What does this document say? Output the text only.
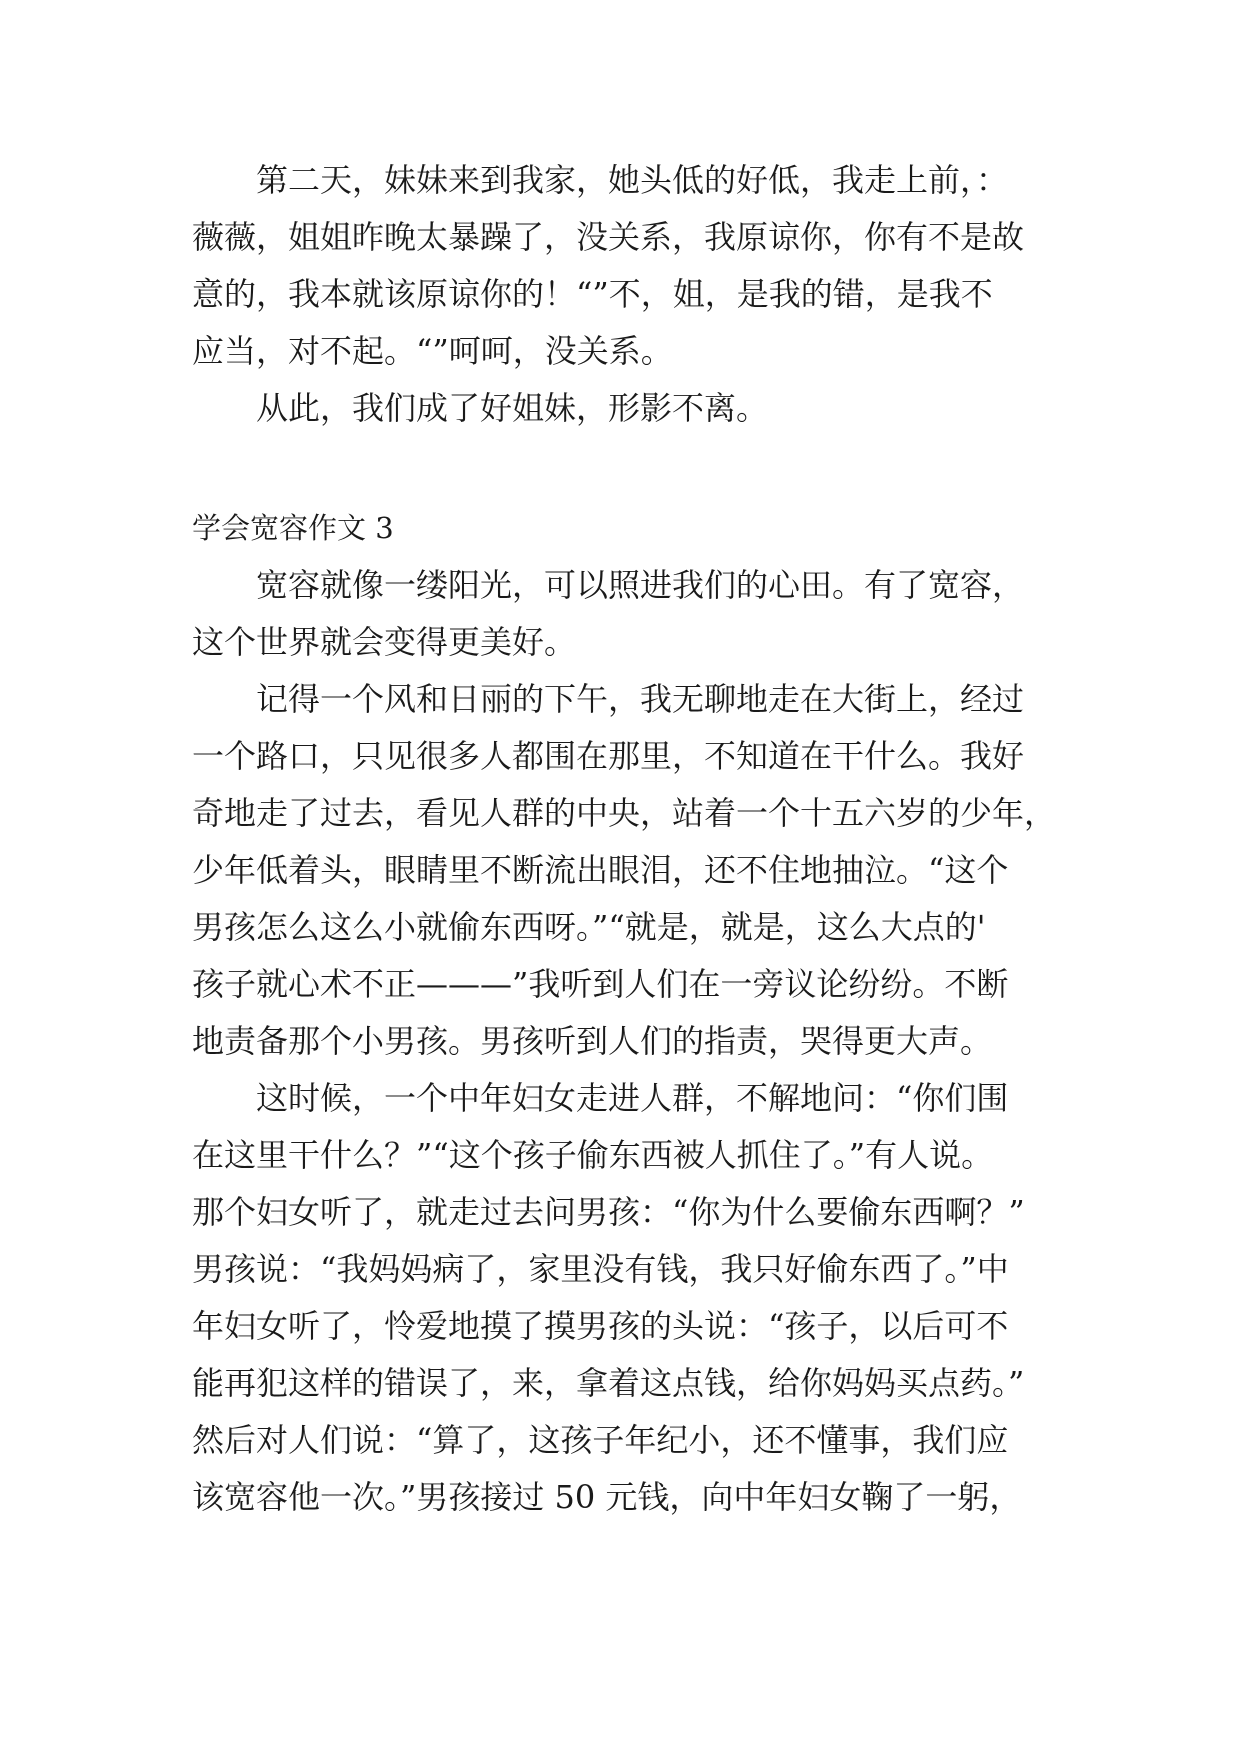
　　第二天，妹妹来到我家，她头低的好低，我走上前，：
薇薇，姐姐昨晚太暴躁了，没关系，我原谅你，你有不是故
意的，我本就该原谅你的！“”不，姐，是我的错，是我不
应当，对不起。“”呵呵，没关系。
　　从此，我们成了好姐妹，形影不离。
学会宽容作文 3
　　宽容就像一缕阳光，可以照进我们的心田。有了宽容，
这个世界就会变得更美好。
　　记得一个风和日丽的下午，我无聊地走在大街上，经过
一个路口，只见很多人都围在那里，不知道在干什么。我好
奇地走了过去，看见人群的中央，站着一个十五六岁的少年，
少年低着头，眼睛里不断流出眼泪，还不住地抽泣。“这个
男孩怎么这么小就偷东西呀。”“就是，就是，这么大点的'
孩子就心术不正———”我听到人们在一旁议论纷纷。不断
地责备那个小男孩。男孩听到人们的指责，哭得更大声。
　　这时候，一个中年妇女走进人群，不解地问：“你们围
在这里干什么？”“这个孩子偷东西被人抓住了。”有人说。
那个妇女听了，就走过去问男孩：“你为什么要偷东西啊？”
男孩说：“我妈妈病了，家里没有钱，我只好偷东西了。”中
年妇女听了，怜爱地摸了摸男孩的头说：“孩子，以后可不
能再犯这样的错误了，来，拿着这点钱，给你妈妈买点药。”
然后对人们说：“算了，这孩子年纪小，还不懂事，我们应
该宽容他一次。”男孩接过 50 元钱，向中年妇女鞠了一躬，
